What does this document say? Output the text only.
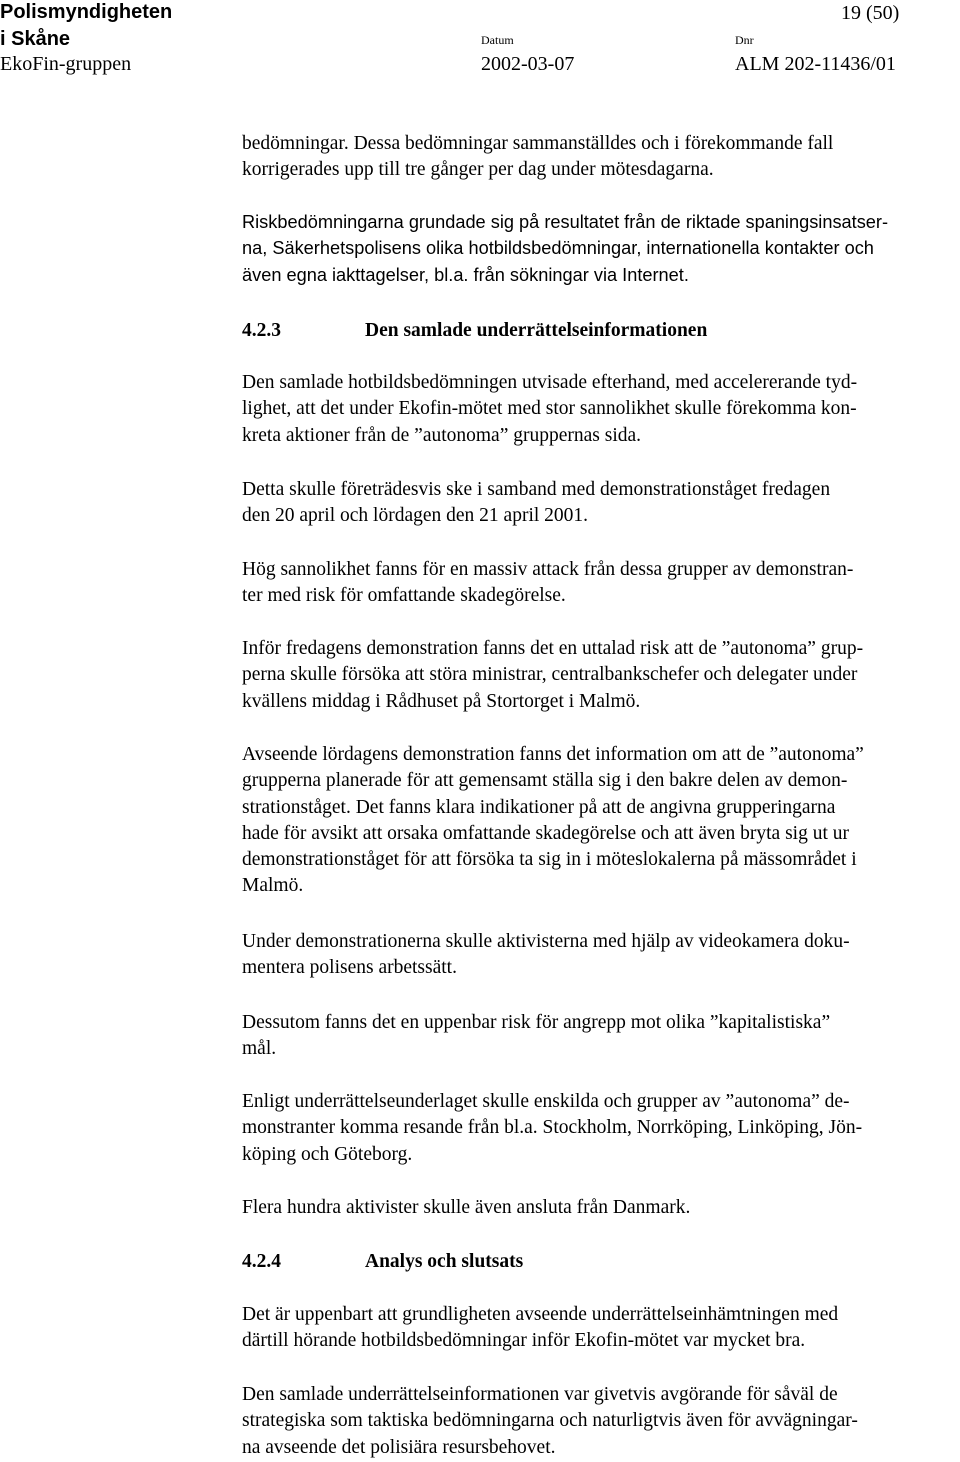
Polismyndigheten
i Skåne
EkoFin-gruppen
19 (50)
Datum
2002-03-07
Dnr
ALM 202-11436/01

bedömningar. Dessa bedömningar sammanställdes och i förekommande fall
korrigerades upp till tre gånger per dag under mötesdagarna.

Riskbedömningarna grundade sig på resultatet från de riktade spaningsinsatser-
na, Säkerhetspolisens olika hotbildsbedömningar, internationella kontakter och
även egna iakttagelser, bl.a. från sökningar via Internet.

4.2.3	Den samlade underrättelseinformationen

Den samlade hotbildsbedömningen utvisade efterhand, med accelererande tyd-
lighet, att det under Ekofin-mötet med stor sannolikhet skulle förekomma kon-
kreta aktioner från de ”autonoma” gruppernas sida.

Detta skulle företrädesvis ske i samband med demonstrationståget fredagen
den 20 april och lördagen den 21 april 2001.

Hög sannolikhet fanns för en massiv attack från dessa grupper av demonstran-
ter med risk för omfattande skadegörelse.

Inför fredagens demonstration fanns det en uttalad risk att de ”autonoma” grup-
perna skulle försöka att störa ministrar, centralbankschefer och delegater under
kvällens middag i Rådhuset på Stortorget i Malmö.

Avseende lördagens demonstration fanns det information om att de ”autonoma”
grupperna planerade för att gemensamt ställa sig i den bakre delen av demon-
strationståget. Det fanns klara indikationer på att de angivna grupperingarna
hade för avsikt att orsaka omfattande skadegörelse och att även bryta sig ut ur
demonstrationståget för att försöka ta sig in i möteslokalerna på mässområdet i
Malmö.

Under demonstrationerna skulle aktivisterna med hjälp av videokamera doku-
mentera polisens arbetssätt.

Dessutom fanns det en uppenbar risk för angrepp mot olika ”kapitalistiska”
mål.

Enligt underrättelseunderlaget skulle enskilda och grupper av ”autonoma” de-
monstranter komma resande från bl.a. Stockholm, Norrköping, Linköping, Jön-
köping och Göteborg.

Flera hundra aktivister skulle även ansluta från Danmark.

4.2.4	Analys och slutsats

Det är uppenbart att grundligheten avseende underrättelseinhämtningen med
därtill hörande hotbildsbedömningar inför Ekofin-mötet var mycket bra.

Den samlade underrättelseinformationen var givetvis avgörande för såväl de
strategiska som taktiska bedömningarna och naturligtvis även för avvägningar-
na avseende det polisiära resursbehovet.
